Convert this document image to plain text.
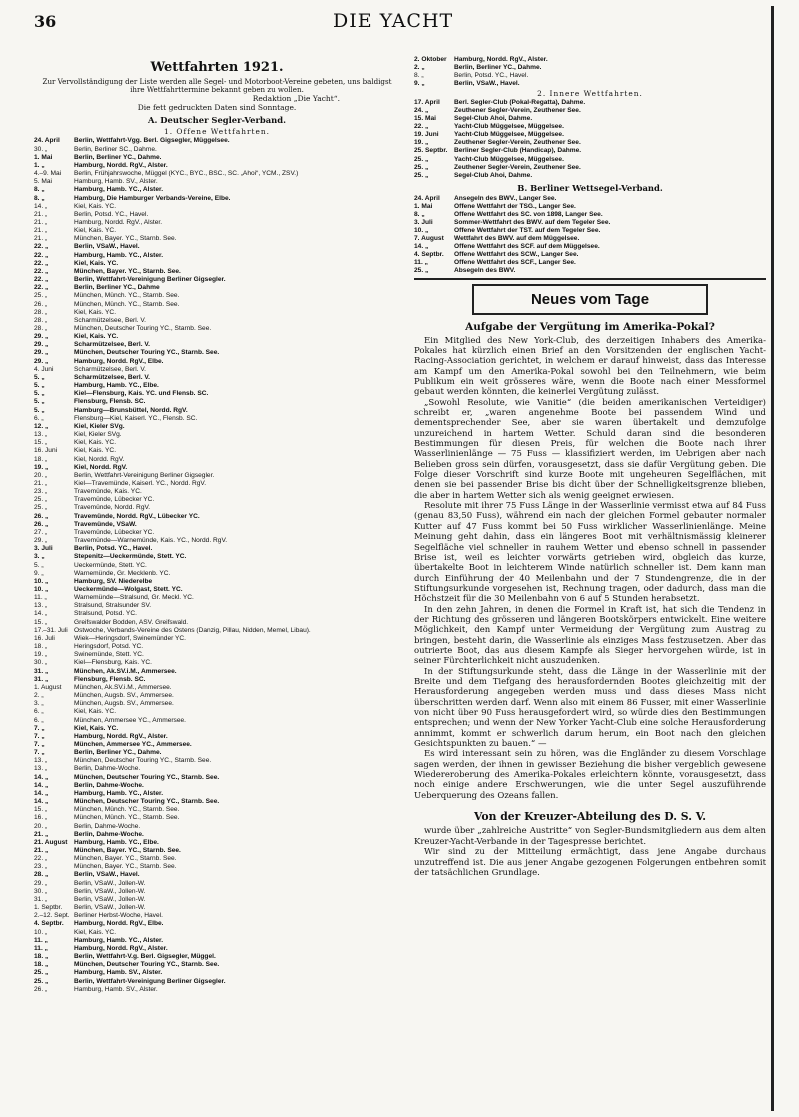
36	DIE YACHT
Wettfahrten 1921.
Zur Vervollständigung der Liste werden alle Segel- und Motorboot-Vereine gebeten, uns baldigst ihre Wettfahrttermine bekannt geben zu wollen.
Redaktion „Die Yacht“.
Die fett gedruckten Daten sind Sonntage.
A. Deutscher Segler-Verband.
1. Offene Wettfahrten.
24. April	Berlin, Wettfahrt-Vgg. Berl. Gigsegler, Müggelsee.
30. „	Berlin, Berliner SC., Dahme.
1. Mai	Berlin, Berliner YC., Dahme.
1. „	Hamburg, Nordd. RgV., Alster.
4.–9. Mai	Berlin, Frühjahrswoche, Müggel (KYC., BYC., BSC., SC. „Ahoi“, YCM., ZSV.)
5. Mai	Hamburg, Hamb. SV., Alster.
8. „	Hamburg, Hamb. YC., Alster.
8. „	Hamburg, Die Hamburger Verbands-Vereine, Elbe.
14. „	Kiel, Kais. YC.
21. „	Berlin, Potsd. YC., Havel.
21. „	Hamburg, Nordd. RgV., Alster.
21. „	Kiel, Kais. YC.
21. „	München, Bayer. YC., Starnb. See.
22. „	Berlin, VSaW., Havel.
22. „	Hamburg, Hamb. YC., Alster.
22. „	Kiel, Kais. YC.
22. „	München, Bayer. YC., Starnb. See.
22. „	Berlin, Wettfahrt-Vereinigung Berliner Gigsegler.
22. „	Berlin, Berliner YC., Dahme
25. „	München, Münch. YC., Starnb. See.
26. „	München, Münch. YC., Starnb. See.
28. „	Kiel, Kais. YC.
28. „	Scharmützelsee, Berl. V.
28. „	München, Deutscher Touring YC., Starnb. See.
29. „	Kiel, Kais. YC.
29. „	Scharmützelsee, Berl. V.
29. „	München, Deutscher Touring YC., Starnb. See.
29. „	Hamburg, Nordd. RgV., Elbe.
4. Juni	Scharmützelsee, Berl. V.
5. „	Scharmützelsee, Berl. V.
5. „	Hamburg, Hamb. YC., Elbe.
5. „	Kiel—Flensburg, Kais. YC. und Flensb. SC.
5. „	Flensburg, Flensb. SC.
5. „	Hamburg—Brunsbüttel, Nordd. RgV.
6. „	Flensburg—Kiel, Kaiserl. YC., Flensb. SC.
12. „	Kiel, Kieler SVg.
13. „	Kiel, Kieler SVg.
15. „	Kiel, Kais. YC.
16. Juni	Kiel, Kais. YC.
18. „	Kiel, Nordd. RgV.
19. „	Kiel, Nordd. RgV.
20. „	Berlin, Wettfahrt-Vereinigung Berliner Gigsegler.
21. „	Kiel—Travemünde, Kaiserl. YC., Nordd. RgV.
23. „	Travemünde, Kais. YC.
25. „	Travemünde, Lübecker YC.
25. „	Travemünde, Nordd. RgV.
26. „	Travemünde, Nordd. RgV., Lübecker YC.
26. „	Travemünde, VSaW.
27. „	Travemünde, Lübecker YC.
29. „	Travemünde—Warnemünde, Kais. YC., Nordd. RgV.
3. Juli	Berlin, Potsd. YC., Havel.
3. „	Stepenitz—Ueckermünde, Stett. YC.
5. „	Ueckermünde, Stett. YC.
9. „	Warnemünde, Gr. Mecklenb. YC.
10. „	Hamburg, SV. Niederelbe
10. „	Ueckermünde—Wolgast, Stett. YC.
11. „	Warnemünde—Stralsund, Gr. Meckl. YC.
13. „	Stralsund, Stralsunder SV.
14. „	Stralsund, Potsd. YC.
15. „	Greifswalder Bodden, ASV. Greifswald.
17.–31. Juli Ostwoche, Verbands-Vereine des Ostens (Danzig, Pillau, Nidden, Memel, Libau).
16. Juli	Wiek—Heringsdorf, Swinemünder YC.
18. „	Heringsdorf, Potsd. YC.
19. „	Swinemünde, Stett. YC.
30. „	Kiel—Flensburg, Kais. YC.
31. „	München, Ak.SV.i.M., Ammersee.
31. „	Flensburg, Flensb. SC.
1. August	München, Ak.SV.i.M., Ammersee.
2. „	München, Augsb. SV., Ammersee.
3. „	München, Augsb. SV., Ammersee.
6. „	Kiel, Kais. YC.
6. „	München, Ammersee YC., Ammersee.
7. „	Kiel, Kais. YC.
7. „	Hamburg, Nordd. RgV., Alster.
7. „	München, Ammersee YC., Ammersee.
7. „	Berlin, Berliner YC., Dahme.
13. „	München, Deutscher Touring YC., Starnb. See.
13. „	Berlin, Dahme-Woche.
14. „	München, Deutscher Touring YC., Starnb. See.
14. „	Berlin, Dahme-Woche.
14. „	Hamburg, Hamb. YC., Alster.
14. „	München, Deutscher Touring YC., Starnb. See.
15. „	München, Münch. YC., Starnb. See.
16. „	München, Münch. YC., Starnb. See.
20. „	Berlin, Dahme-Woche.
21. „	Berlin, Dahme-Woche.
21. August Hamburg, Hamb. YC., Elbe.
21. „	München, Bayer. YC., Starnb. See.
22. „	München, Bayer. YC., Starnb. See.
23. „	München, Bayer. YC., Starnb. See.
28. „	Berlin, VSaW., Havel.
29. „	Berlin, VSaW., Jollen-W.
30. „	Berlin, VSaW., Jollen-W.
31. „	Berlin, VSaW., Jollen-W.
1. Septbr.	Berlin, VSaW., Jollen-W.
2.–12. Sept. Berliner Herbst-Woche, Havel.
4. Septbr.	Hamburg, Nordd. RgV., Elbe.
10. „	Kiel, Kais. YC.
11. „	Hamburg, Hamb. YC., Alster.
11. „	Hamburg, Nordd. RgV., Alster.
18. „	Berlin, Wettfahrt-V.g. Berl. Gigsegler, Müggel.
18. „	München, Deutscher Touring YC., Starnb. See.
25. „	Hamburg, Hamb. SV., Alster.
25. „	Berlin, Wettfahrt-Vereinigung Berliner Gigsegler.
26. „	Hamburg, Hamb. SV., Alster.
2. Oktober	Hamburg, Nordd. RgV., Alster.
2. „	Berlin, Berliner YC., Dahme.
8. „	Berlin, Potsd. YC., Havel.
9. „	Berlin, VSaW., Havel.
2. Innere Wettfahrten.
17. April	Berl. Segler-Club (Pokal-Regatta), Dahme.
24. „	Zeuthener Segler-Verein, Zeuthener See.
15. Mai	Segel-Club Ahoi, Dahme.
22. „	Yacht-Club Müggelsee, Müggelsee.
19. Juni	Yacht-Club Müggelsee, Müggelsee.
19. „	Zeuthener Segler-Verein, Zeuthener See.
25. Septbr.	Berliner Segler-Club (Handicap), Dahme.
25. „	Yacht-Club Müggelsee, Müggelsee.
25. „	Zeuthener Segler-Verein, Zeuthener See.
25. „	Segel-Club Ahoi, Dahme.
B. Berliner Wettsegel-Verband.
24. April	Ansegeln des BWV., Langer See.
1. Mai	Offene Wettfahrt der TSG., Langer See.
8. „	Offene Wettfahrt des SC. von 1898, Langer See.
3. Juli	Sommer-Wettfahrt des BWV. auf dem Tegeler See.
10. „	Offene Wettfahrt der TST. auf dem Tegeler See.
7. August	Wettfahrt des BWV. auf dem Müggelsee.
14. „	Offene Wettfahrt des SCF. auf dem Müggelsee.
4. Septbr.	Offene Wettfahrt des SCW., Langer See.
11. „	Offene Wettfahrt des SCF., Langer See.
25. „	Absegeln des BWV.
Neues vom Tage
Aufgabe der Vergütung im Amerika-Pokal?

Ein Mitglied des New York-Club, des derzeitigen Inhabers des Amerika-Pokales hat kürzlich einen Brief an den Vorsitzenden der englischen Yacht-Racing-Association gerichtet, in welchem er darauf hinweist, dass das Interesse am Kampf um den Amerika-Pokal sowohl bei den Teilnehmern, wie beim Publikum ein weit grösseres wäre, wenn die Boote nach einer Messformel gebaut werden könnten, die keinerlei Vergütung zulässt.

„Sowohl Resolute, wie Vanitie“ (die beiden amerikanischen Verteidiger) schreibt er, „waren angenehme Boote bei passendem Wind und dementsprechender See, aber sie waren übertakelt und demzufolge unzureichend in hartem Wetter. Schuld daran sind die besonderen Bestimmungen für diesen Preis, für welchen die Boote nach ihrer Wasserlinienlänge — 75 Fuss — klassifiziert werden, im Uebrigen aber nach Belieben gross sein dürfen, vorausgesetzt, dass sie dafür Vergütung geben. Die Folge dieser Vorschrift sind kurze Boote mit ungeheuren Segelflächen, mit denen sie bei passender Brise bis dicht über der Schnelligkeitsgrenze blieben, die aber in hartem Wetter sich als wenig geeignet erwiesen.

Resolute mit ihrer 75 Fuss Länge in der Wasserlinie vermisst etwa auf 84 Fuss (genau 83,50 Fuss), während ein nach der gleichen Formel gebauter normaler Kutter auf 47 Fuss kommt bei 50 Fuss wirklicher Wasserlinienlänge. Meine Meinung geht dahin, dass ein längeres Boot mit verhältnismässig kleinerer Segelfläche viel schneller in rauhem Wetter und ebenso schnell in passender Brise ist, weil es leichter vorwärts getrieben wird, obgleich das kurze, übertakelte Boot in leichterem Winde natürlich schneller ist. Dem kann man durch Einführung der 40 Meilenbahn und der 7 Stundengrenze, die in der Stiftungsurkunde vorgesehen ist, Rechnung tragen, oder dadurch, dass man die Höchstzeit für die 30 Meilenbahn von 6 auf 5 Stunden herabsetzt.

In den zehn Jahren, in denen die Formel in Kraft ist, hat sich die Tendenz in der Richtung des grösseren und längeren Bootskörpers entwickelt. Eine weitere Möglichkeit, den Kampf unter Vermeidung der Vergütung zum Austrag zu bringen, besteht darin, die Wasserlinie als einziges Mass festzusetzen. Aber das outrierte Boot, das aus diesem Kampfe als Sieger hervorgehen würde, ist in seiner Fürchterlichkeit nicht auszudenken.

In der Stiftungsurkunde steht, dass die Länge in der Wasserlinie mit der Breite und dem Tiefgang des herausfordernden Bootes gleichzeitig mit der Herausforderung angegeben werden muss und dass dieses Mass nicht überschritten werden darf. Wenn also mit einem 86 Fusser, mit einer Wasserlinie von nicht über 90 Fuss herausgefordert wird, so würde dies den Bestimmungen entsprechen; und wenn der New Yorker Yacht-Club eine solche Herausforderung annimmt, kommt er schwerlich darum herum, ein Boot nach den gleichen Gesichtspunkten zu bauen.“ —

Es wird interessant sein zu hören, was die Engländer zu diesem Vorschlage sagen werden, der ihnen in gewisser Beziehung die bisher vergeblich gewesene Wiedereroberung des Amerika-Pokales erleichtern könnte, vorausgesetzt, dass noch einige andere Erschwerungen, wie die unter Segel auszuführende Ueberquerung des Ozeans fallen.

Von der Kreuzer-Abteilung des D. S. V.

wurde über „zahlreiche Austritte“ von Segler-Bundsmitgliedern aus dem alten Kreuzer-Yacht-Verbande in der Tagespresse berichtet.

Wir sind zu der Mitteilung ermächtigt, dass jene Angabe durchaus unzutreffend ist. Die aus jener Angabe gezogenen Folgerungen entbehren somit der tatsächlichen Grundlage.
